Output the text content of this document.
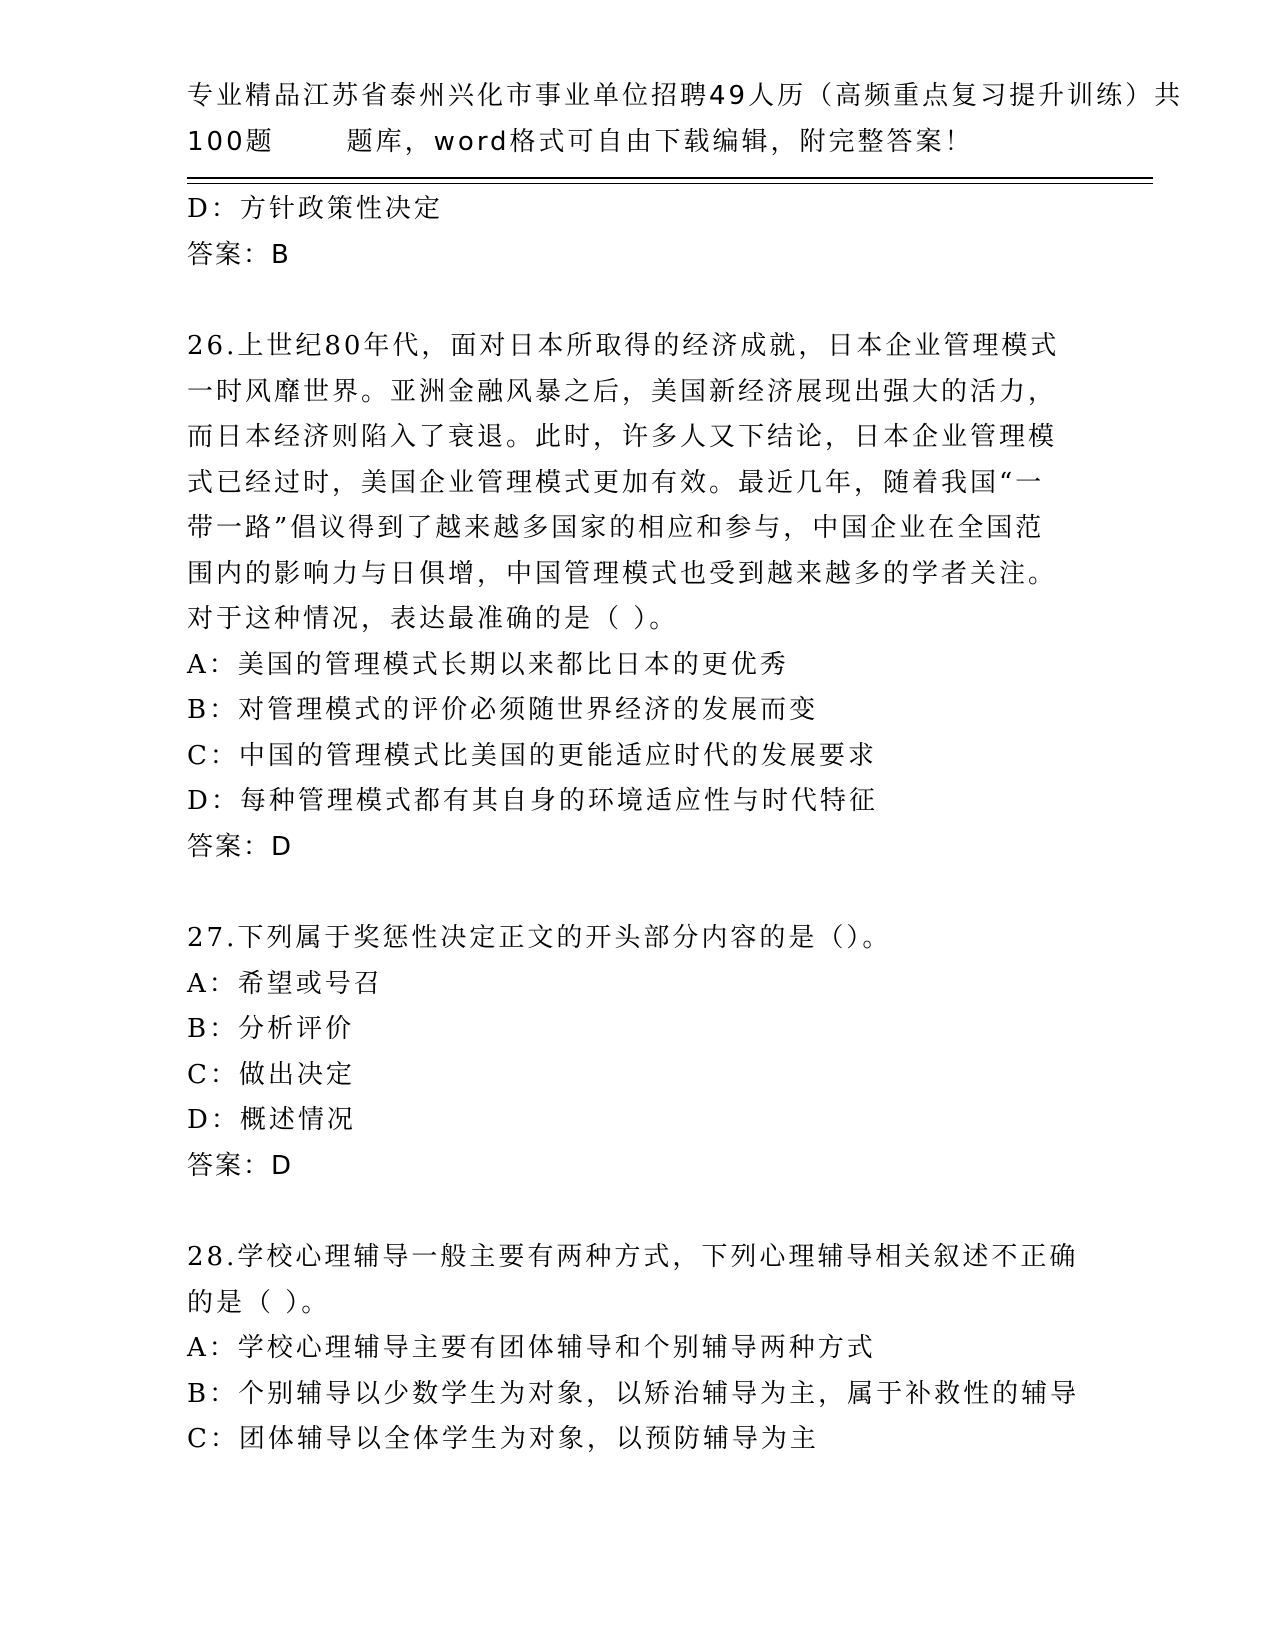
专业精品江苏省泰州兴化市事业单位招聘49人历（高频重点复习提升训练）共
100题	题库，word格式可自由下载编辑，附完整答案！
D：方针政策性决定
答案：B
26.上世纪80年代，面对日本所取得的经济成就，日本企业管理模式
一时风靡世界。亚洲金融风暴之后，美国新经济展现出强大的活力，
而日本经济则陷入了衰退。此时，许多人又下结论，日本企业管理模
式已经过时，美国企业管理模式更加有效。最近几年，随着我国“一
带一路”倡议得到了越来越多国家的相应和参与，中国企业在全国范
围内的影响力与日俱增，中国管理模式也受到越来越多的学者关注。
对于这种情况，表达最准确的是（ ）。
A：美国的管理模式长期以来都比日本的更优秀
B：对管理模式的评价必须随世界经济的发展而变
C：中国的管理模式比美国的更能适应时代的发展要求
D：每种管理模式都有其自身的环境适应性与时代特征
答案：D
27.下列属于奖惩性决定正文的开头部分内容的是（）。
A：希望或号召
B：分析评价
C：做出决定
D：概述情况
答案：D
28.学校心理辅导一般主要有两种方式，下列心理辅导相关叙述不正确
的是（ ）。
A：学校心理辅导主要有团体辅导和个别辅导两种方式
B：个别辅导以少数学生为对象，以矫治辅导为主，属于补救性的辅导
C：团体辅导以全体学生为对象，以预防辅导为主
